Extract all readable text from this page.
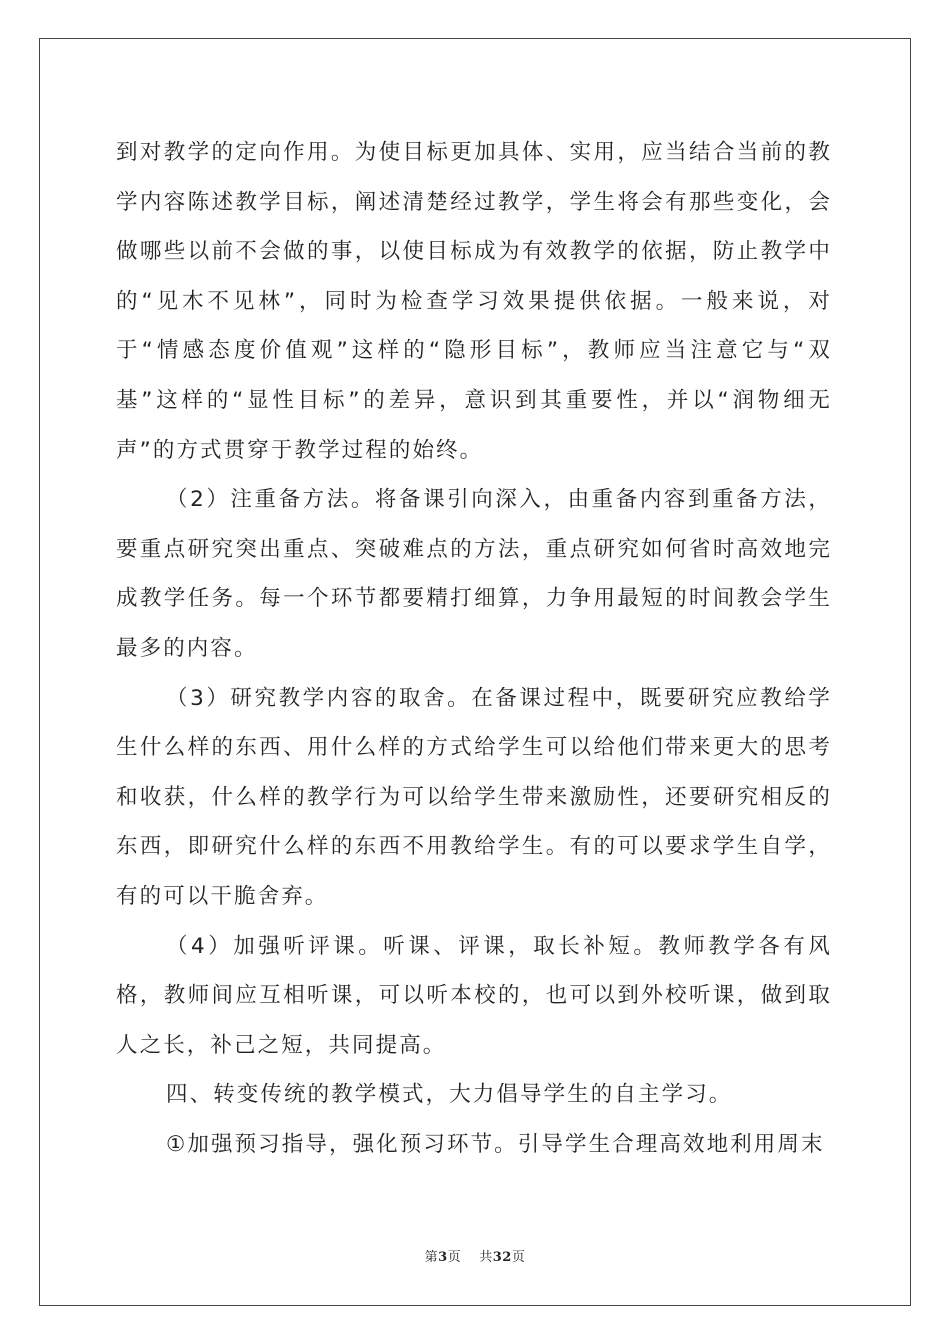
到对教学的定向作用。为使目标更加具体、实用，应当结合当前的教学内容陈述教学目标，阐述清楚经过教学，学生将会有那些变化，会做哪些以前不会做的事，以使目标成为有效教学的依据，防止教学中的“见木不见林”，同时为检查学习效果提供依据。一般来说，对于“情感态度价值观”这样的“隐形目标”，教师应当注意它与“双基”这样的“显性目标”的差异，意识到其重要性，并以“润物细无声”的方式贯穿于教学过程的始终。

（2）注重备方法。将备课引向深入，由重备内容到重备方法，要重点研究突出重点、突破难点的方法，重点研究如何省时高效地完成教学任务。每一个环节都要精打细算，力争用最短的时间教会学生最多的内容。

（3）研究教学内容的取舍。在备课过程中，既要研究应教给学生什么样的东西、用什么样的方式给学生可以给他们带来更大的思考和收获，什么样的教学行为可以给学生带来激励性，还要研究相反的东西，即研究什么样的东西不用教给学生。有的可以要求学生自学，有的可以干脆舍弃。

（4）加强听评课。听课、评课，取长补短。教师教学各有风格，教师间应互相听课，可以听本校的，也可以到外校听课，做到取人之长，补己之短，共同提高。

四、转变传统的教学模式，大力倡导学生的自主学习。

①加强预习指导，强化预习环节。引导学生合理高效地利用周末

第3页 共32页
